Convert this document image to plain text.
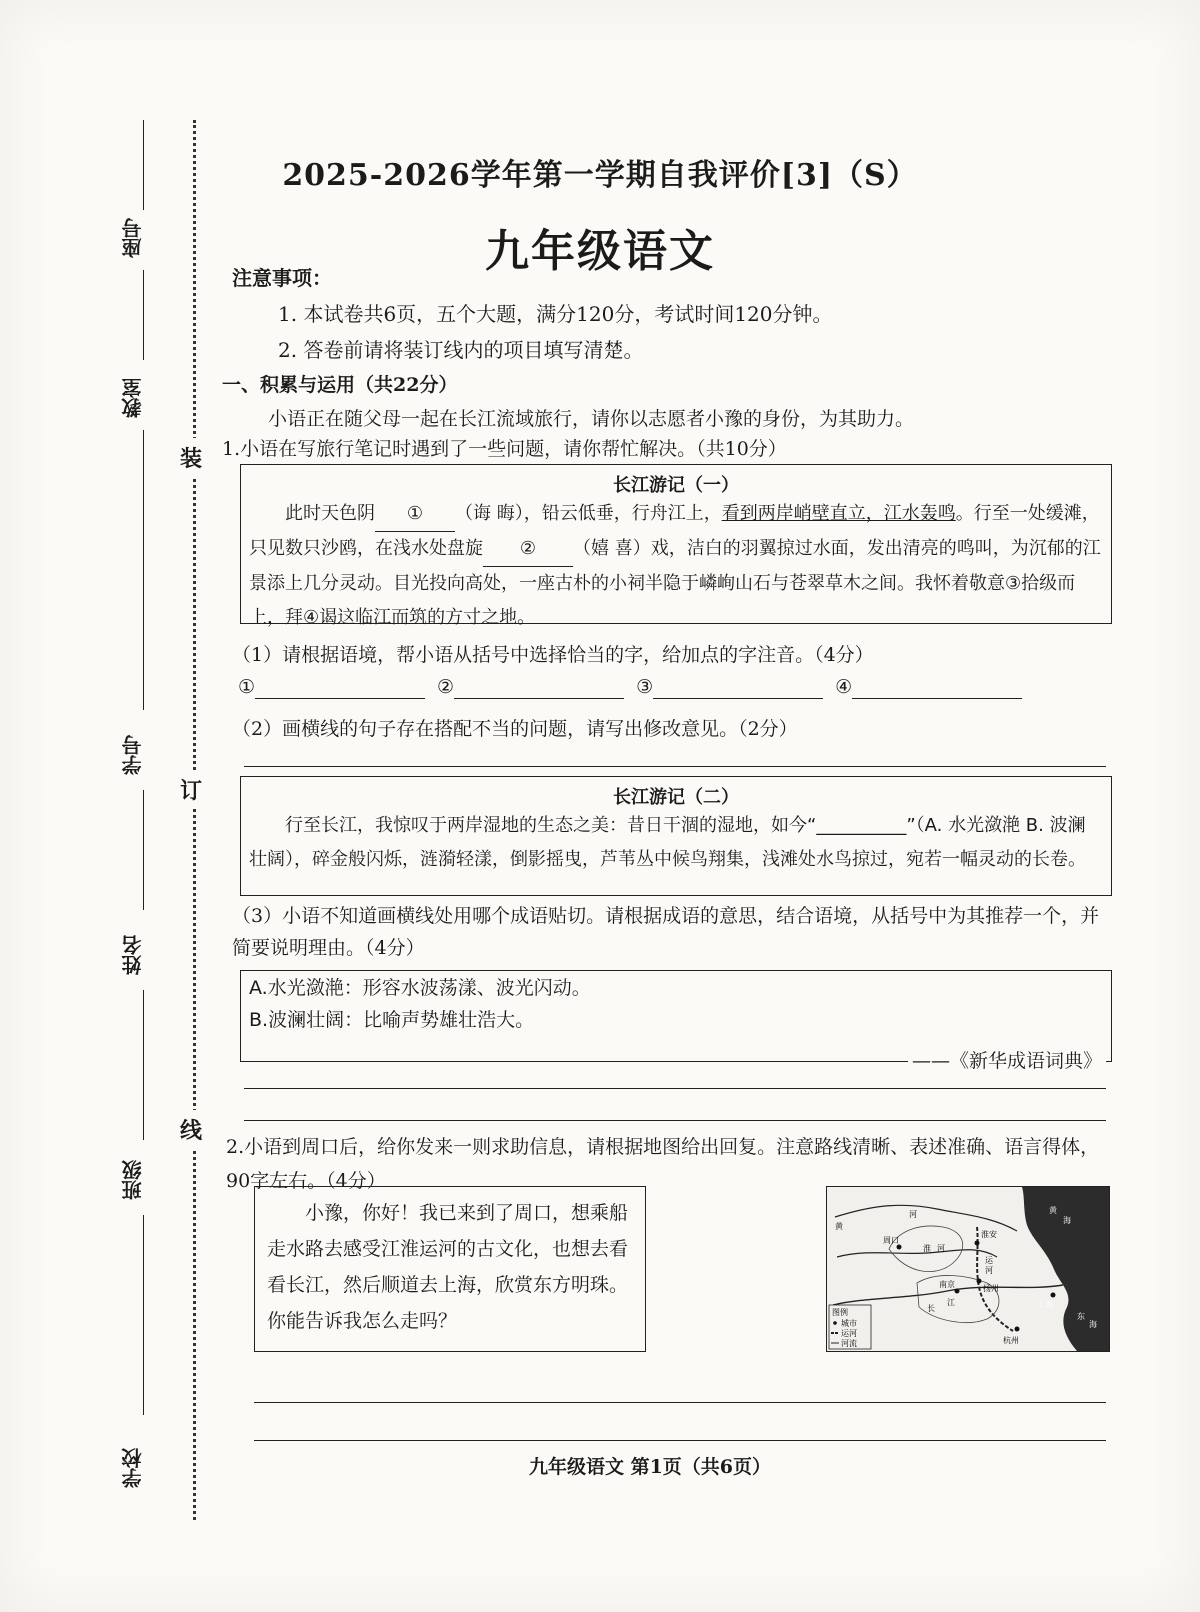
座号
教室
学号
姓名
班级
学校
装
订
线
2025-2026学年第一学期自我评价[3]（S）
九年级语文
注意事项：
1. 本试卷共6页，五个大题，满分120分，考试时间120分钟。
2. 答卷前请将装订线内的项目填写清楚。
一、积累与运用（共22分）
小语正在随父母一起在长江流域旅行，请你以志愿者小豫的身份，为其助力。
1.小语在写旅行笔记时遇到了一些问题，请你帮忙解决。（共10分）
长江游记（一）
此时天色阴 ① （诲 晦），铅云低垂，行舟江上，看到两岸峭壁直立，江水轰鸣。行至一处缓滩，只见数只沙鸥，在浅水处盘旋 ② （嬉 喜）戏，洁白的羽翼掠过水面，发出清亮的鸣叫，为沉郁的江景添上几分灵动。目光投向高处，一座古朴的小祠半隐于嶙峋山石与苍翠草木之间。我怀着敬意③拾级而上，拜④谒这临江而筑的方寸之地。
（1）请根据语境，帮小语从括号中选择恰当的字，给加点的字注音。（4分）
①	②	③	④
（2）画横线的句子存在搭配不当的问题，请写出修改意见。（2分）
长江游记（二）
行至长江，我惊叹于两岸湿地的生态之美：昔日干涸的湿地，如今“__________”（A. 水光潋滟 B. 波澜壮阔），碎金般闪烁，涟漪轻漾，倒影摇曳，芦苇丛中候鸟翔集，浅滩处水鸟掠过，宛若一幅灵动的长卷。
（3）小语不知道画横线处用哪个成语贴切。请根据成语的意思，结合语境，从括号中为其推荐一个，并简要说明理由。（4分）
A.水光潋滟：形容水波荡漾、波光闪动。
B.波澜壮阔：比喻声势雄壮浩大。
——《新华成语词典》
2.小语到周口后，给你发来一则求助信息，请根据地图给出回复。注意路线清晰、表述准确、语言得体，90字左右。（4分）
小豫，你好！我已来到了周口，想乘船走水路去感受江淮运河的古文化，也想去看看长江，然后顺道去上海，欣赏东方明珠。你能告诉我怎么走吗？
黄
河
周口
淮 河
运
河
江
长	上海
杭州
淮安
扬州
南京
东
海
黄
海
图例
城市
运河
河流
九年级语文 第1页（共6页）
